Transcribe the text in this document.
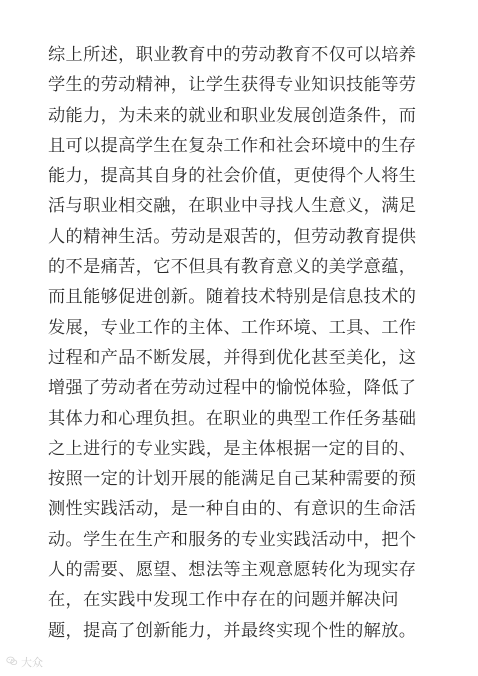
综上所述，职业教育中的劳动教育不仅可以培养
学生的劳动精神，让学生获得专业知识技能等劳
动能力，为未来的就业和职业发展创造条件，而
且可以提高学生在复杂工作和社会环境中的生存
能力，提高其自身的社会价值，更使得个人将生
活与职业相交融，在职业中寻找人生意义，满足
人的精神生活。劳动是艰苦的，但劳动教育提供
的不是痛苦，它不但具有教育意义的美学意蕴，
而且能够促进创新。随着技术特别是信息技术的
发展，专业工作的主体、工作环境、工具、工作
过程和产品不断发展，并得到优化甚至美化，这
增强了劳动者在劳动过程中的愉悦体验，降低了
其体力和心理负担。在职业的典型工作任务基础
之上进行的专业实践，是主体根据一定的目的、
按照一定的计划开展的能满足自己某种需要的预
测性实践活动，是一种自由的、有意识的生命活
动。学生在生产和服务的专业实践活动中，把个
人的需要、愿望、想法等主观意愿转化为现实存
在，在实践中发现工作中存在的问题并解决问
题，提高了创新能力，并最终实现个性的解放。
大众
